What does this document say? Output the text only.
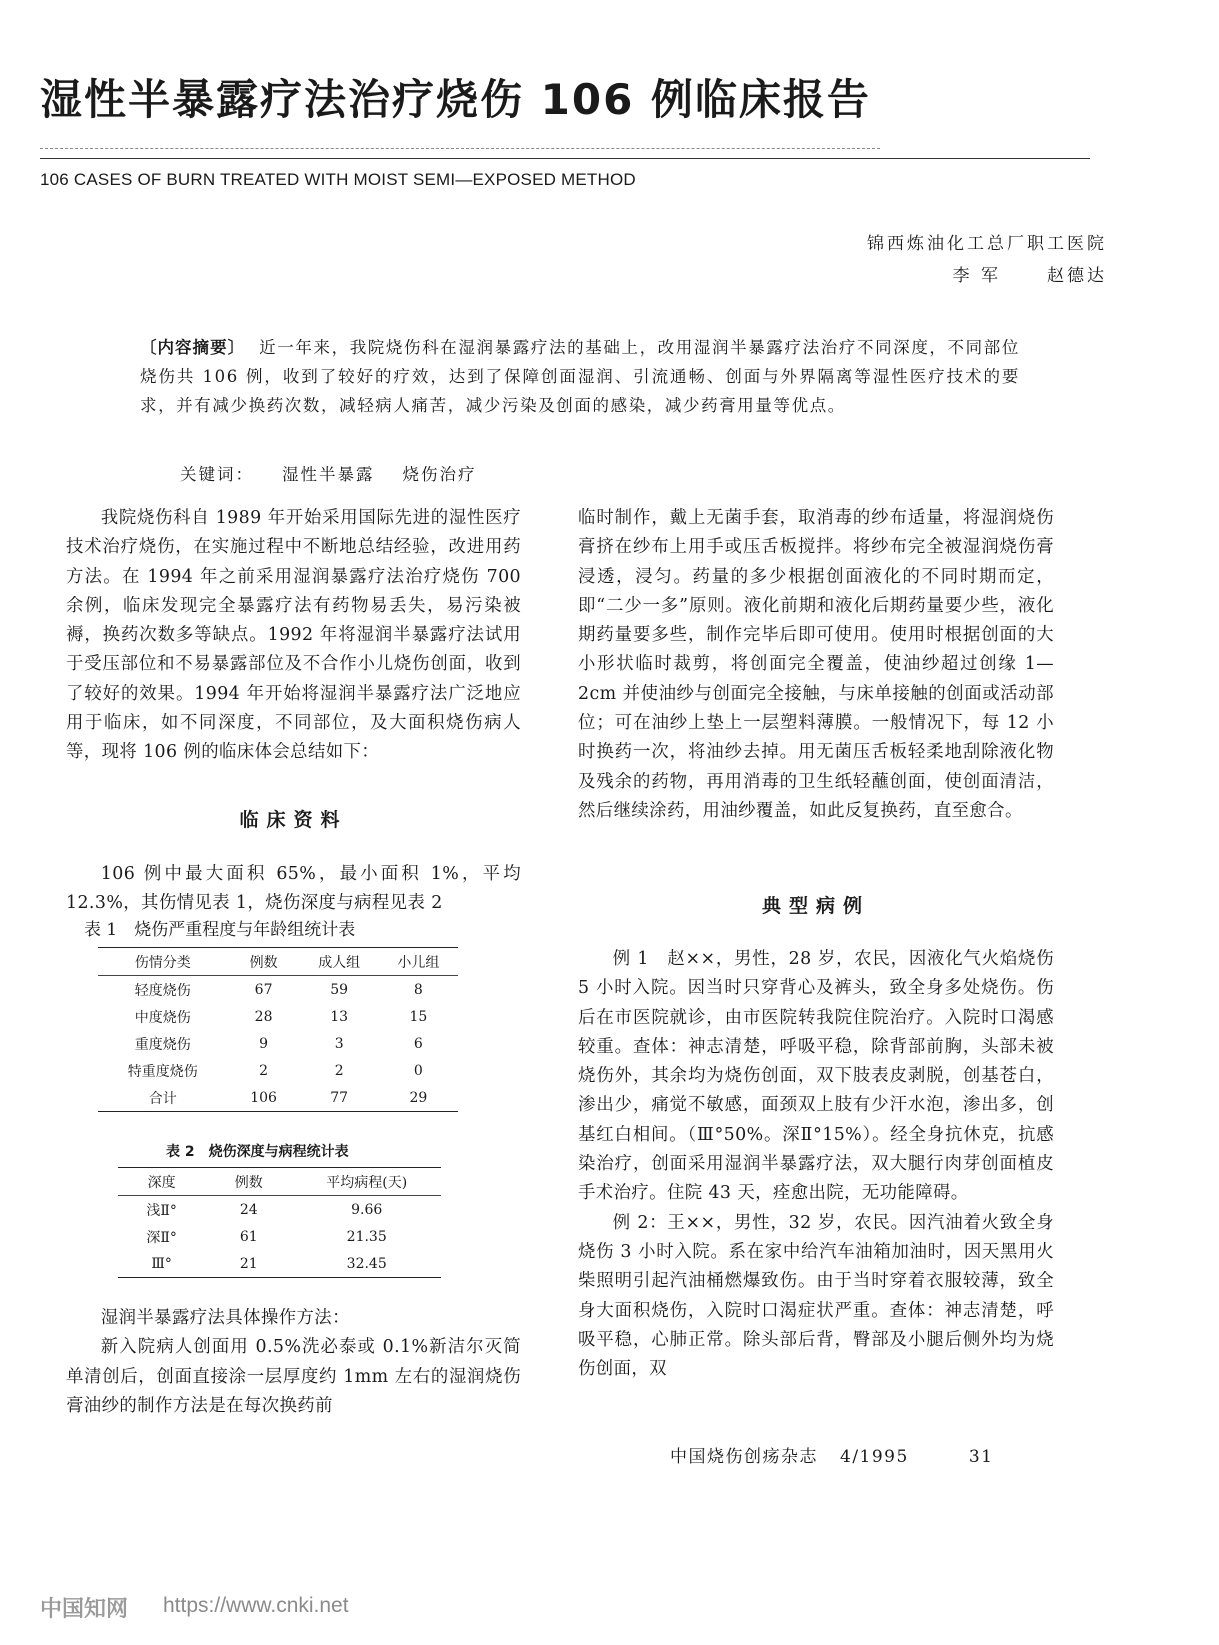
湿性半暴露疗法治疗烧伤 106 例临床报告
106 CASES OF BURN TREATED WITH MOIST SEMI—EXPOSED METHOD
锦西炼油化工总厂职工医院
李 军	赵德达
〔内容摘要〕 近一年来，我院烧伤科在湿润暴露疗法的基础上，改用湿润半暴露疗法治疗不同深度，不同部位烧伤共 106 例，收到了较好的疗效，达到了保障创面湿润、引流通畅、创面与外界隔离等湿性医疗技术的要求，并有减少换药次数，减轻病人痛苦，减少污染及创面的感染，减少药膏用量等优点。
关键词： 湿性半暴露 烧伤治疗

我院烧伤科自 1989 年开始采用国际先进的湿性医疗技术治疗烧伤，在实施过程中不断地总结经验，改进用药方法。在 1994 年之前采用湿润暴露疗法治疗烧伤 700 余例，临床发现完全暴露疗法有药物易丢失，易污染被褥，换药次数多等缺点。1992 年将湿润半暴露疗法试用于受压部位和不易暴露部位及不合作小儿烧伤创面，收到了较好的效果。1994 年开始将湿润半暴露疗法广泛地应用于临床，如不同深度，不同部位，及大面积烧伤病人等，现将 106 例的临床体会总结如下：

临床资料

106 例中最大面积 65%，最小面积 1%，平均 12.3%，其伤情见表 1，烧伤深度与病程见表 2

表 1　烧伤严重程度与年龄组统计表
伤情分类	例数	成人组	小儿组
轻度烧伤	67	59	8
中度烧伤	28	13	15
重度烧伤	9	3	6
特重度烧伤	2	2	0
合计	106	77	29
表 2　烧伤深度与病程统计表
深度	例数	平均病程(天)
浅Ⅱ°	24	9.66
深Ⅱ°	61	21.35
Ⅲ°	21	32.45

湿润半暴露疗法具体操作方法：

新入院病人创面用 0.5%洗必泰或 0.1%新洁尔灭简单清创后，创面直接涂一层厚度约 1mm 左右的湿润烧伤膏油纱的制作方法是在每次换药前

临时制作，戴上无菌手套，取消毒的纱布适量，将湿润烧伤膏挤在纱布上用手或压舌板搅拌。将纱布完全被湿润烧伤膏浸透，浸匀。药量的多少根据创面液化的不同时期而定，即“二少一多”原则。液化前期和液化后期药量要少些，液化期药量要多些，制作完毕后即可使用。使用时根据创面的大小形状临时裁剪，将创面完全覆盖，使油纱超过创缘 1—2cm 并使油纱与创面完全接触，与床单接触的创面或活动部位；可在油纱上垫上一层塑料薄膜。一般情况下，每 12 小时换药一次，将油纱去掉。用无菌压舌板轻柔地刮除液化物及残余的药物，再用消毒的卫生纸轻蘸创面，使创面清洁，然后继续涂药，用油纱覆盖，如此反复换药，直至愈合。

典型病例

例 1　赵××，男性，28 岁，农民，因液化气火焰烧伤 5 小时入院。因当时只穿背心及裤头，致全身多处烧伤。伤后在市医院就诊，由市医院转我院住院治疗。入院时口渴感较重。查体：神志清楚，呼吸平稳，除背部前胸，头部未被烧伤外，其余均为烧伤创面，双下肢表皮剥脱，创基苍白，渗出少，痛觉不敏感，面颈双上肢有少汗水泡，渗出多，创基红白相间。（Ⅲ°50%。深Ⅱ°15%）。经全身抗休克，抗感染治疗，创面采用湿润半暴露疗法，双大腿行肉芽创面植皮手术治疗。住院 43 天，痊愈出院，无功能障碍。

例 2：王××，男性，32 岁，农民。因汽油着火致全身烧伤 3 小时入院。系在家中给汽车油箱加油时，因天黑用火柴照明引起汽油桶燃爆致伤。由于当时穿着衣服较薄，致全身大面积烧伤，入院时口渴症状严重。查体：神志清楚，呼吸平稳，心肺正常。除头部后背，臀部及小腿后侧外均为烧伤创面，双

中国烧伤创疡杂志 4/1995	31
中国知网 https://www.cnki.net
